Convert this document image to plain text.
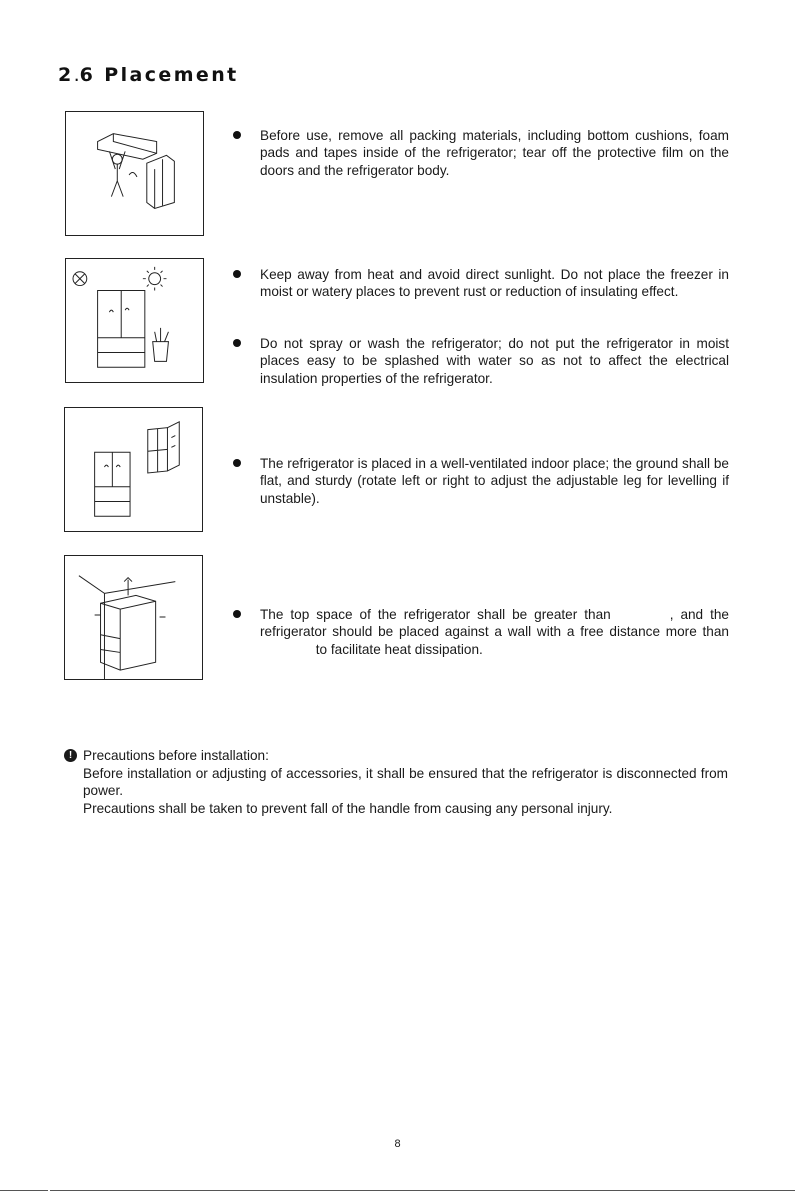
2.6 Placement

Before use, remove all packing materials, including bottom cushions, foam pads and tapes inside of the refrigerator; tear off the protective film on the doors and the refrigerator body.

Keep away from heat and avoid direct sunlight. Do not place the freezer in moist or watery places to prevent rust or reduction of insulating effect.

Do not spray or wash the refrigerator; do not put the refrigerator in moist places easy to be splashed with water so as not to affect the electrical insulation properties of the refrigerator.

The refrigerator is placed in a well-ventilated indoor place; the ground shall be flat, and sturdy (rotate left or right to adjust the adjustable leg for levelling if unstable).

The top space of the refrigerator shall be greater than	, and the refrigerator should be placed against a wall with a free distance more than  to facilitate heat dissipation.

! Precautions before installation:

Before installation or adjusting of accessories, it shall be ensured that the refrigerator is disconnected from power.

Precautions shall be taken to prevent fall of the handle from causing any personal injury.

8
